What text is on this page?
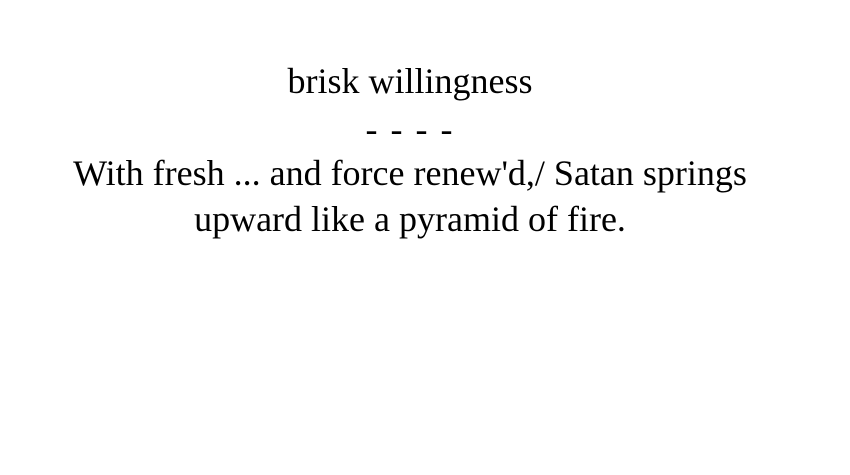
brisk willingness
- - - -
With fresh ... and force renew'd,/ Satan springs upward like a pyramid of fire.
